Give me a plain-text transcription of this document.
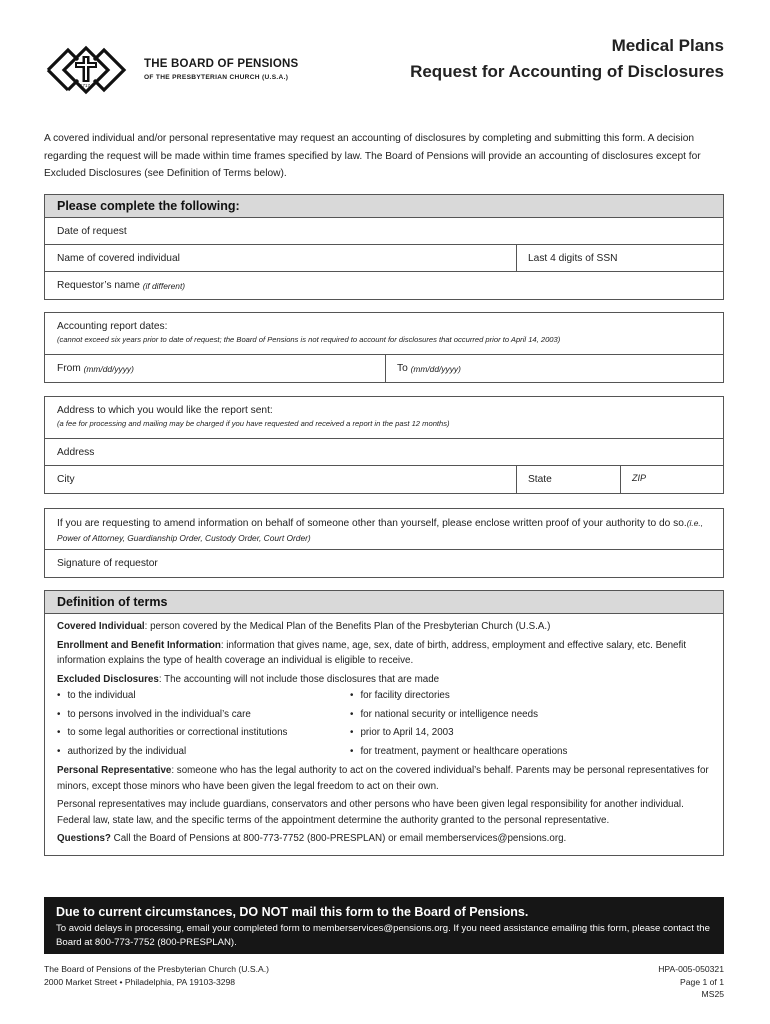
1717
THE BOARD OF PENSIONS
OF THE PRESBYTERIAN CHURCH (U.S.A.)
Medical Plans
Request for Accounting of Disclosures
A covered individual and/or personal representative may request an accounting of disclosures by completing and submitting this form. A decision regarding the request will be made within time frames specified by law. The Board of Pensions will provide an accounting of disclosures except for Excluded Disclosures (see Definition of Terms below).
Please complete the following:
Date of request
Name of covered individual	Last 4 digits of SSN
Requestor’s name
(if different)
Accounting report dates:
(cannot exceed six years prior to date of request; the Board of Pensions is not required to account for disclosures that occurred prior to April 14, 2003)
From
(mm/dd/yyyy)	To
(mm/dd/yyyy)
Address to which you would like the report sent:
(a fee for processing and mailing may be charged if you have requested and received a report in the past 12 months)
Address
City	State	ZIP
If you are requesting to amend information on behalf of someone other than yourself, please enclose written proof of your authority to do so.(i.e., Power of Attorney, Guardianship Order, Custody Order, Court Order)
Signature of requestor
Definition of terms

Covered Individual: person covered by the Medical Plan of the Benefits Plan of the Presbyterian Church (U.S.A.)

Enrollment and Benefit Information: information that gives name, age, sex, date of birth, address, employment and effective salary, etc. Benefit information explains the type of health coverage an individual is eligible to receive.

Excluded Disclosures: The accounting will not include those disclosures that are made

• to the individual	• for facility directories
• to persons involved in the individual’s care	• for national security or intelligence needs
• to some legal authorities or correctional institutions	• prior to April 14, 2003
• authorized by the individual	• for treatment, payment or healthcare operations

Personal Representative: someone who has the legal authority to act on the covered individual’s behalf. Parents may be personal representatives for minors, except those minors who have been given the legal freedom to act on their own.

Personal representatives may include guardians, conservators and other persons who have been given legal responsibility for another individual. Federal law, state law, and the specific terms of the appointment determine the authority granted to the personal representative.

Questions? Call the Board of Pensions at 800-773-7752 (800-PRESPLAN) or email memberservices@pensions.org.

Due to current circumstances, DO NOT mail this form to the Board of Pensions.
To avoid delays in processing, email your completed form to memberservices@pensions.org. If you need assistance emailing this form, please contact the Board at 800-773-7752 (800-PRESPLAN).
The Board of Pensions of the Presbyterian Church (U.S.A.)
2000 Market Street • Philadelphia, PA 19103-3298
HPA-005-050321
Page 1 of 1
MS25
